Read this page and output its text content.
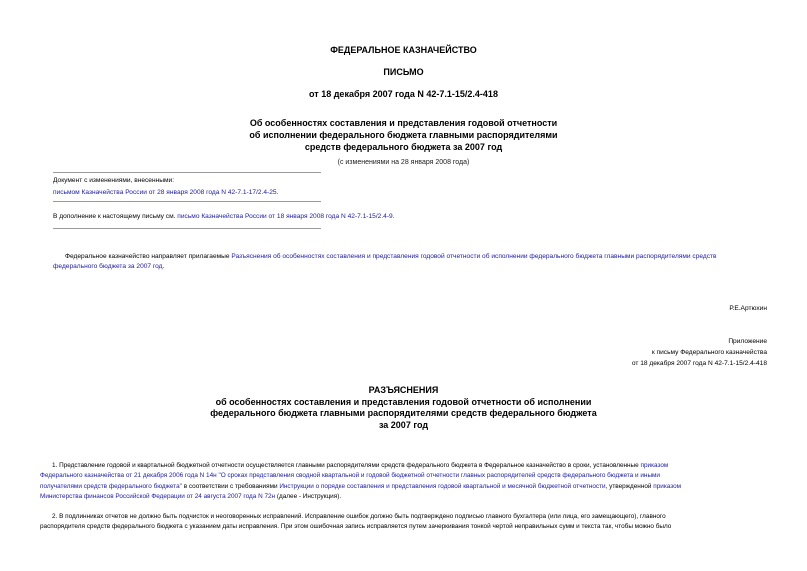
ФЕДЕРАЛЬНОЕ КАЗНАЧЕЙСТВО
ПИСЬМО
от 18 декабря 2007 года N 42-7.1-15/2.4-418
Об особенностях составления и представления годовой отчетности
об исполнении федерального бюджета главными распорядителями
средств федерального бюджета за 2007 год
(с изменениями на 28 января 2008 года)
Документ с изменениями, внесенными:
письмом Казначейства России от 28 января 2008 года N 42-7.1-17/2.4-25.
В дополнение к настоящему письму см. письмо Казначейства России от 18 января 2008 года N 42-7.1-15/2.4-9.
Федеральное казначейство направляет прилагаемые Разъяснения об особенностях составления и представления годовой отчетности об исполнении федерального бюджета главными распорядителями средств
федерального бюджета за 2007 год.
Р.Е.Артюхин
Приложение
к письму Федерального казначейства
от 18 декабря 2007 года N 42-7.1-15/2.4-418
РАЗЪЯСНЕНИЯ
об особенностях составления и представления годовой отчетности об исполнении
федерального бюджета главными распорядителями средств федерального бюджета
за 2007 год
1. Представление годовой и квартальной бюджетной отчетности осуществляется главными распорядителями средств федерального бюджета в Федеральное казначейство в сроки, установленные приказом
Федерального казначейства от 21 декабря 2006 года N 14н "О сроках представления сводной квартальной и годовой бюджетной отчетности главных распорядителей средств федерального бюджета и иными
получателями средств федерального бюджета" в соответствии с требованиями Инструкции о порядке составления и представления годовой квартальной и месячной бюджетной отчетности, утвержденной приказом
Министерства финансов Российской Федерации от 24 августа 2007 года N 72н (далее - Инструкция).
2. В подлинниках отчетов не должно быть подчисток и неоговоренных исправлений. Исправление ошибок должно быть подтверждено подписью главного бухгалтера (или лица, его замещающего), главного
распорядителя средств федерального бюджета с указанием даты исправления. При этом ошибочная запись исправляется путем зачеркивания тонкой чертой неправильных сумм и текста так, чтобы можно было
